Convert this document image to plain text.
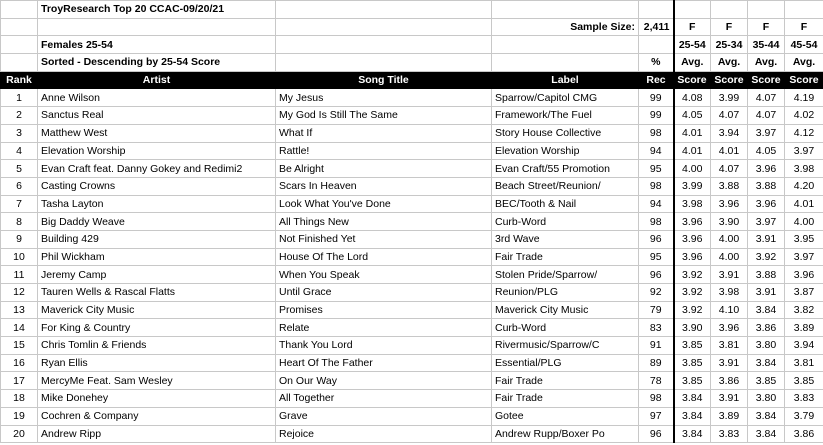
	TroyResearch Top 20 CCAC-09/20/21							
			Sample Size:	2,411	F	F	F	F
	Females 25-54				25-54	25-34	35-44	45-54
	Sorted - Descending by 25-54 Score			%	Avg.	Avg.	Avg.	Avg.
Rank	Artist	Song Title	Label	Rec	Score	Score	Score	Score
1	Anne Wilson	My Jesus	Sparrow/Capitol CMG	99	4.08	3.99	4.07	4.19
2	Sanctus Real	My God Is Still The Same	Framework/The Fuel	99	4.05	4.07	4.07	4.02
3	Matthew West	What If	Story House Collective	98	4.01	3.94	3.97	4.12
4	Elevation Worship	Rattle!	Elevation Worship	94	4.01	4.01	4.05	3.97
5	Evan Craft feat. Danny Gokey and Redimi2	Be Alright	Evan Craft/55 Promotion	95	4.00	4.07	3.96	3.98
6	Casting Crowns	Scars In Heaven	Beach Street/Reunion/	98	3.99	3.88	3.88	4.20
7	Tasha Layton	Look What You've Done	BEC/Tooth & Nail	94	3.98	3.96	3.96	4.01
8	Big Daddy Weave	All Things New	Curb-Word	98	3.96	3.90	3.97	4.00
9	Building 429	Not Finished Yet	3rd Wave	96	3.96	4.00	3.91	3.95
10	Phil Wickham	House Of The Lord	Fair Trade	95	3.96	4.00	3.92	3.97
11	Jeremy Camp	When You Speak	Stolen Pride/Sparrow/	96	3.92	3.91	3.88	3.96
12	Tauren Wells & Rascal Flatts	Until Grace	Reunion/PLG	92	3.92	3.98	3.91	3.87
13	Maverick City Music	Promises	Maverick City Music	79	3.92	4.10	3.84	3.82
14	For King & Country	Relate	Curb-Word	83	3.90	3.96	3.86	3.89
15	Chris Tomlin & Friends	Thank You Lord	Rivermusic/Sparrow/C	91	3.85	3.81	3.80	3.94
16	Ryan Ellis	Heart Of The Father	Essential/PLG	89	3.85	3.91	3.84	3.81
17	MercyMe Feat. Sam Wesley	On Our Way	Fair Trade	78	3.85	3.86	3.85	3.85
18	Mike Donehey	All Together	Fair Trade	98	3.84	3.91	3.80	3.83
19	Cochren & Company	Grave	Gotee	97	3.84	3.89	3.84	3.79
20	Andrew Ripp	Rejoice	Andrew Rupp/Boxer Po	96	3.84	3.83	3.84	3.86
